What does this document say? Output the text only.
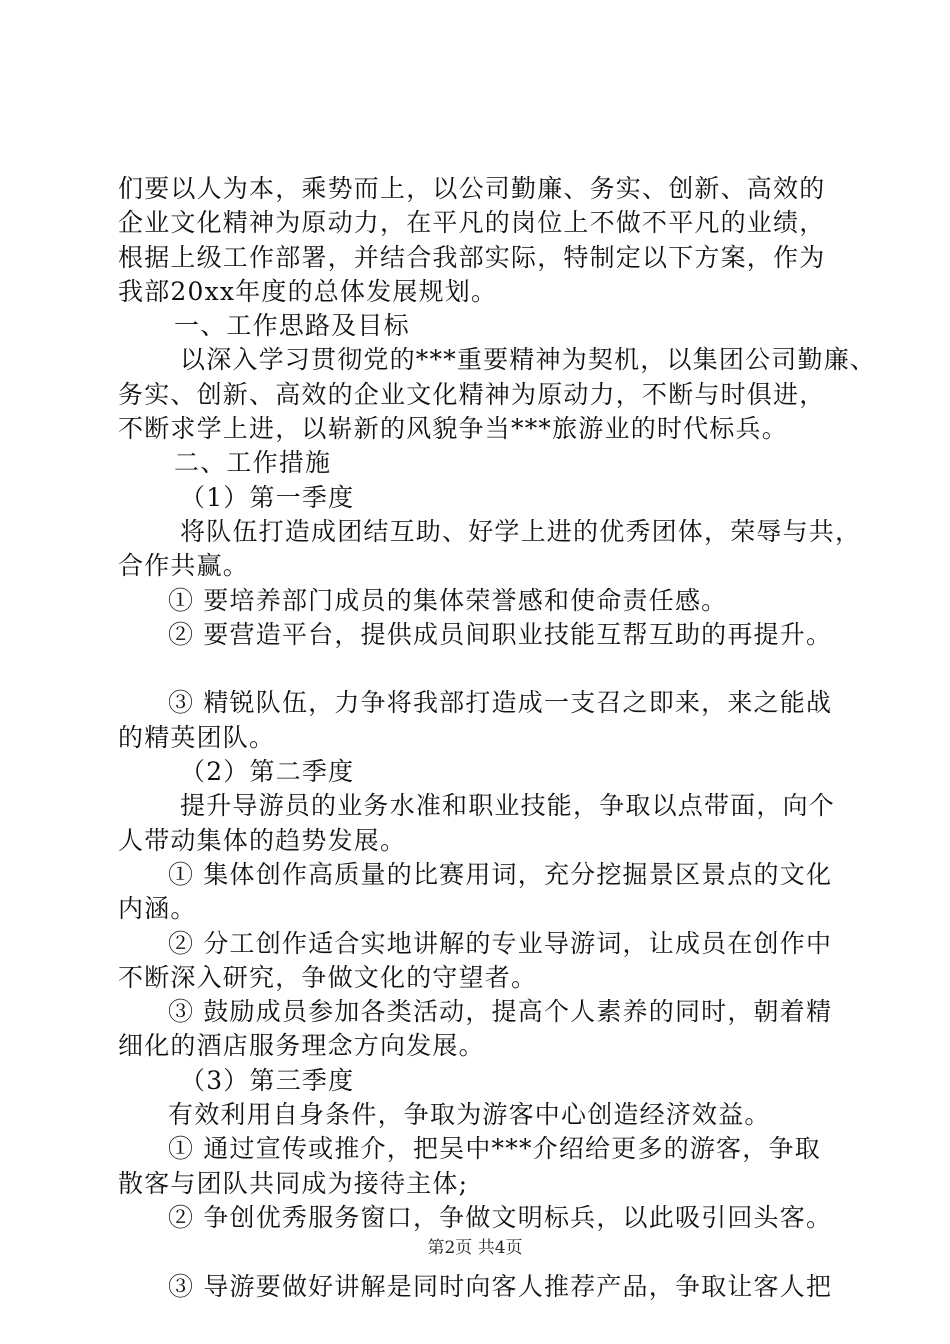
们要以人为本，乘势而上，以公司勤廉、务实、创新、高效的
企业文化精神为原动力，在平凡的岗位上不做不平凡的业绩，
根据上级工作部署，并结合我部实际，特制定以下方案，作为
我部20xx年度的总体发展规划。
一、工作思路及目标
以深入学习贯彻党的***重要精神为契机，以集团公司勤廉、
务实、创新、高效的企业文化精神为原动力，不断与时俱进，
不断求学上进，以崭新的风貌争当***旅游业的时代标兵。
二、工作措施
（1）第一季度
将队伍打造成团结互助、好学上进的优秀团体，荣辱与共，
合作共赢。
① 要培养部门成员的集体荣誉感和使命责任感。
② 要营造平台，提供成员间职业技能互帮互助的再提升。
③ 精锐队伍，力争将我部打造成一支召之即来，来之能战
的精英团队。
（2）第二季度
提升导游员的业务水准和职业技能，争取以点带面，向个
人带动集体的趋势发展。
① 集体创作高质量的比赛用词，充分挖掘景区景点的文化
内涵。
② 分工创作适合实地讲解的专业导游词，让成员在创作中
不断深入研究，争做文化的守望者。
③ 鼓励成员参加各类活动，提高个人素养的同时，朝着精
细化的酒店服务理念方向发展。
（3）第三季度
有效利用自身条件，争取为游客中心创造经济效益。
① 通过宣传或推介，把吴中***介绍给更多的游客，争取
散客与团队共同成为接待主体;
② 争创优秀服务窗口，争做文明标兵，以此吸引回头客。
③ 导游要做好讲解是同时向客人推荐产品，争取让客人把
第2页 共4页
